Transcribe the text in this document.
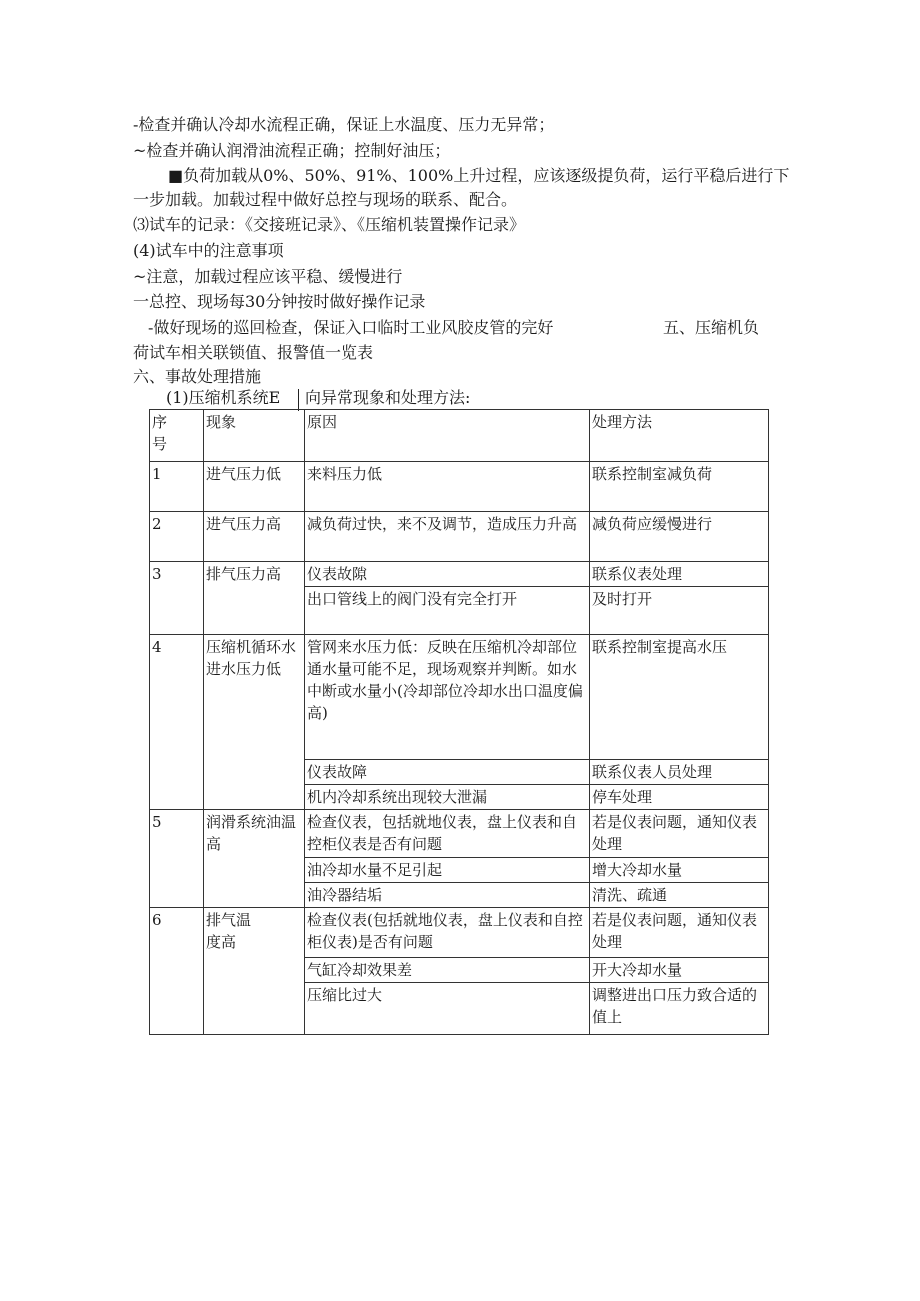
-检查并确认冷却水流程正确，保证上水温度、压力无异常；
~检查并确认润滑油流程正确；控制好油压；
■负荷加载从0%、50%、91%、100%上升过程，应该逐级提负荷，运行平稳后进行下
一步加载。加载过程中做好总控与现场的联系、配合。
⑶试车的记录：《交接班记录》、《压缩机装置操作记录》
(4)试车中的注意事项
~注意，加载过程应该平稳、缓慢进行
一总控、现场每30分钟按时做好操作记录
-做好现场的巡回检查，保证入口临时工业风胶皮管的完好	五、压缩机负
荷试车相关联锁值、报警值一览表
六、事故处理措施
(1)压缩机系统E 向异常现象和处理方法:
序号	现象	原因	处理方法
1	进气压力低	来料压力低	联系控制室减负荷
2	进气压力高	减负荷过快，来不及调节，造成压力升高	减负荷应缓慢进行
3	排气压力高	仪表故隙	联系仪表处理
		出口管线上的阀门没有完全打开	及时打开
4	压缩机循环水进水压力低	管网来水压力低：反映在压缩机冷却部位通水量可能不足，现场观察并判断。如水中断或水量小(冷却部位冷却水出口温度偏高)	联系控制室提高水压
		仪表故障	联系仪表人员处理
		机内冷却系统出现较大泄漏	停车处理
5	润滑系统油温高	检查仪表，包括就地仪表，盘上仪表和自控柜仪表是否有问题	若是仪表问题，通知仪表处理
		油冷却水量不足引起	增大冷却水量
		油冷器结垢	清洗、疏通
6	排气温度高	检查仪表(包括就地仪表，盘上仪表和自控柜仪表)是否有问题	若是仪表问题，通知仪表处理
		气缸冷却效果差	开大冷却水量
		压缩比过大	调整进出口压力致合适的值上
